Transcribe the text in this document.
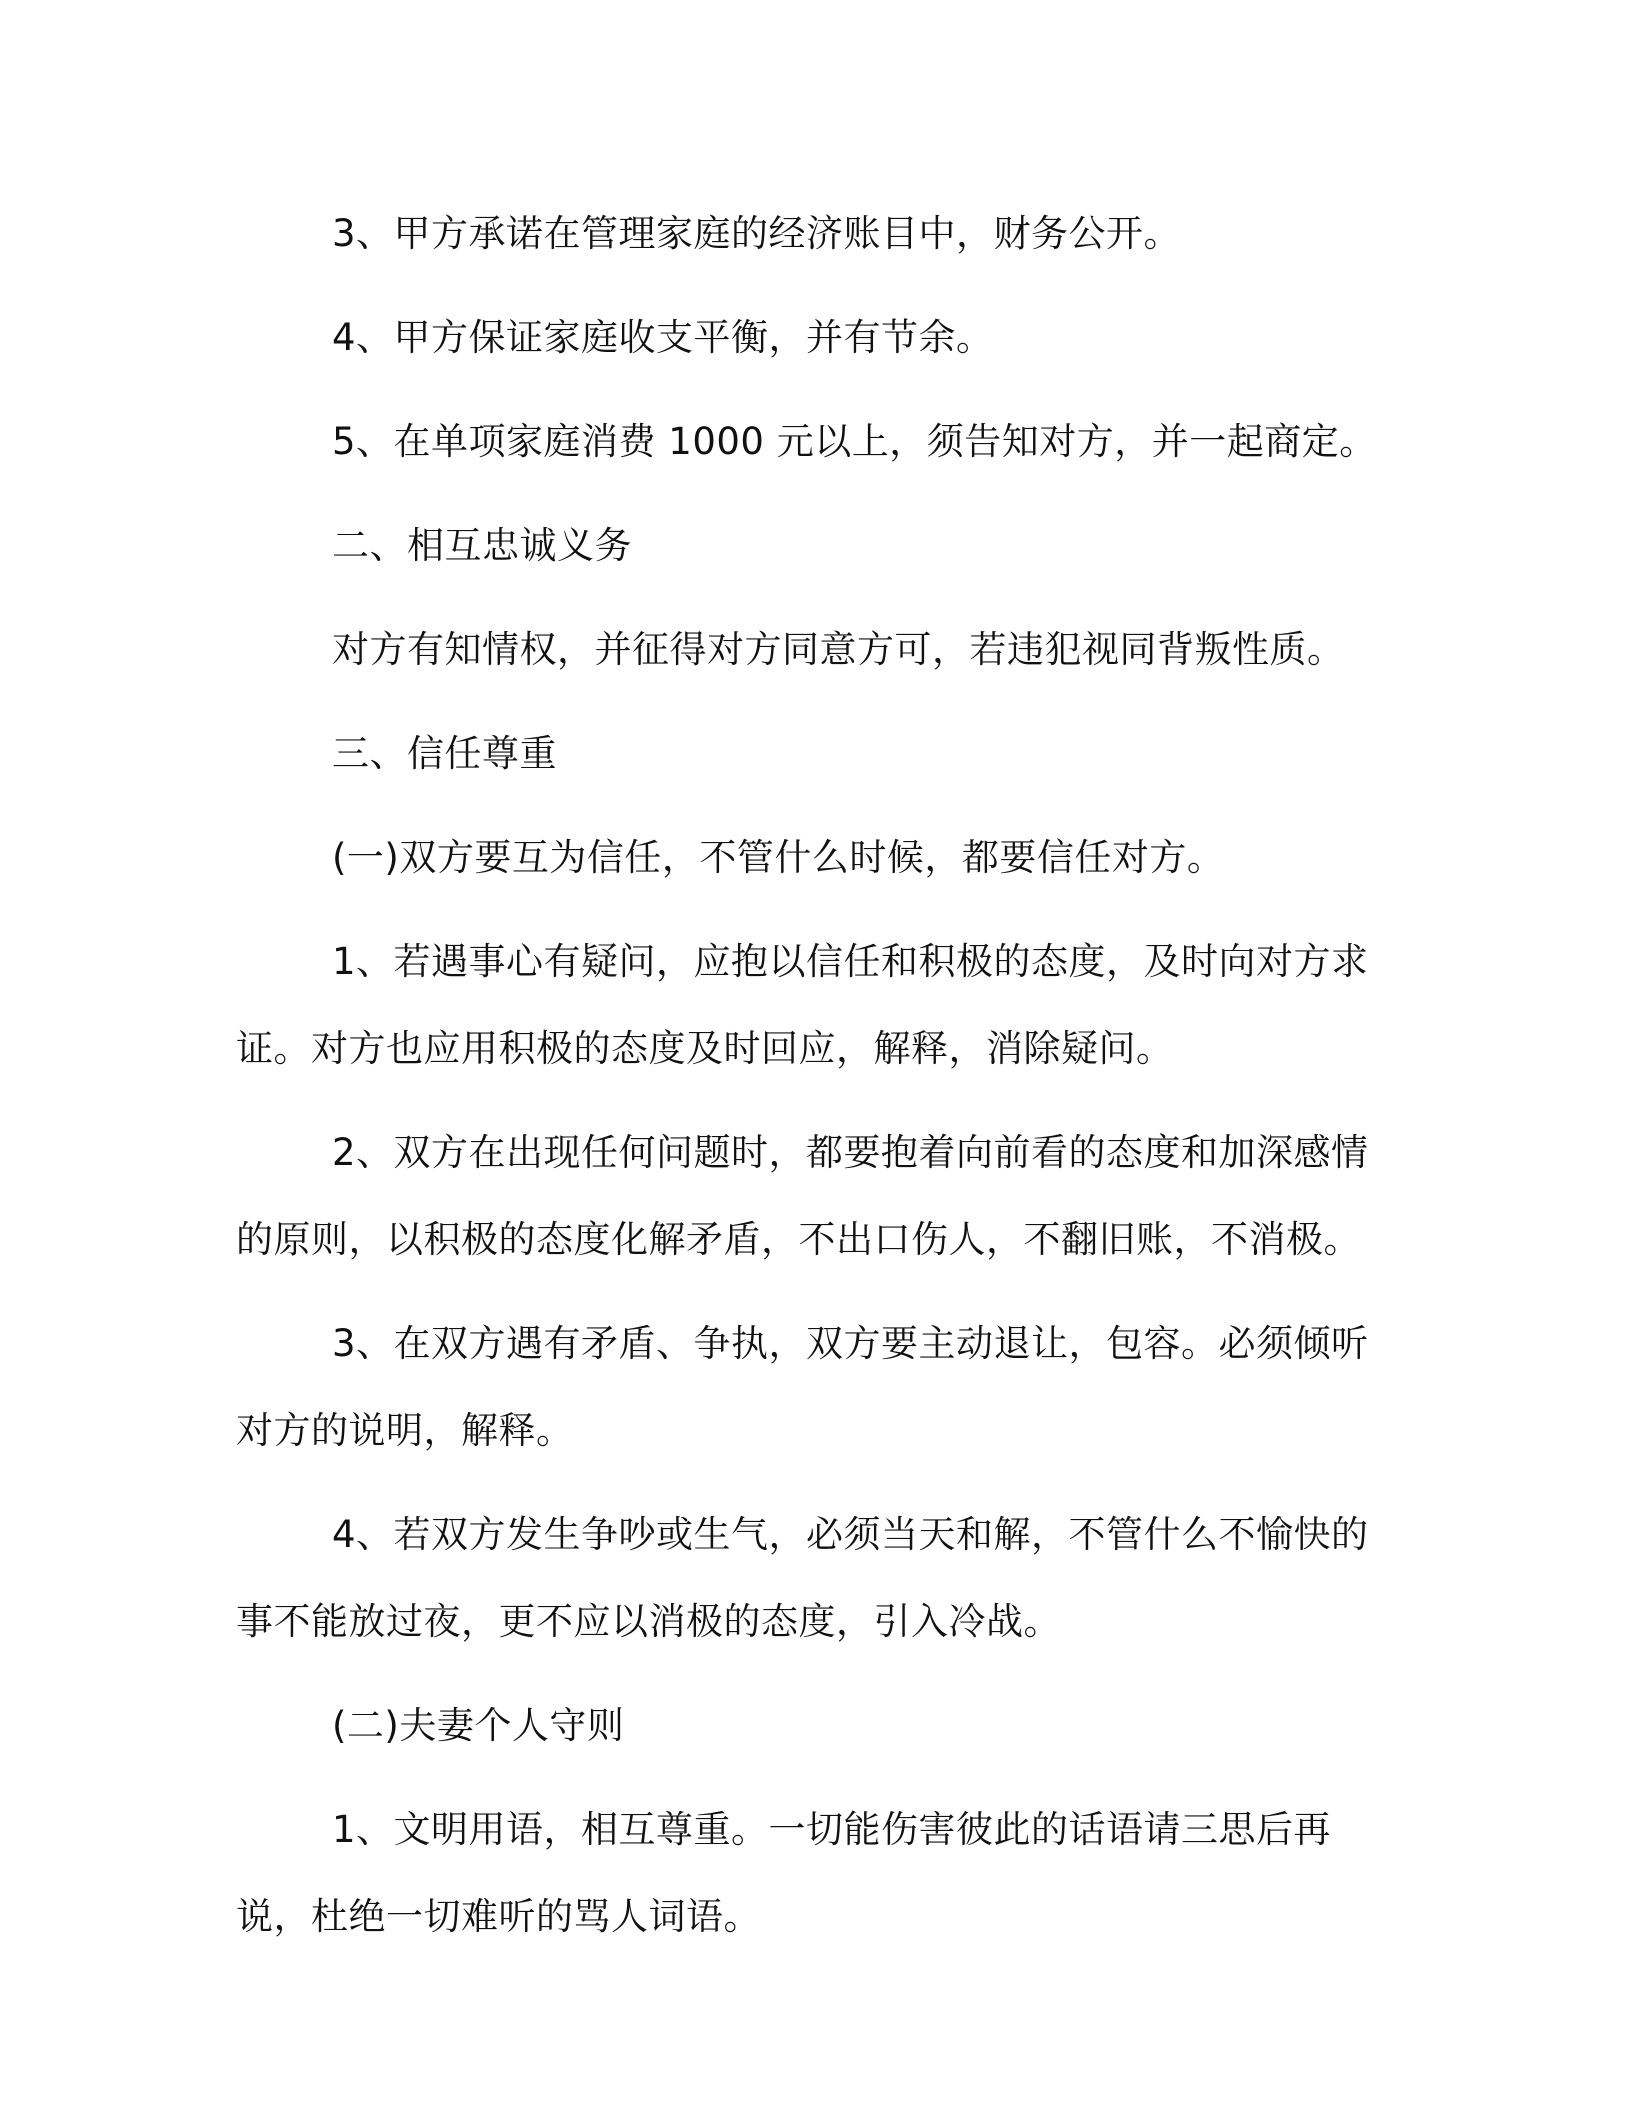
3、甲方承诺在管理家庭的经济账目中，财务公开。

4、甲方保证家庭收支平衡，并有节余。

5、在单项家庭消费 1000 元以上，须告知对方，并一起商定。

二、相互忠诚义务

对方有知情权，并征得对方同意方可，若违犯视同背叛性质。

三、信任尊重

(一)双方要互为信任，不管什么时候，都要信任对方。

1、若遇事心有疑问，应抱以信任和积极的态度，及时向对方求证。对方也应用积极的态度及时回应，解释，消除疑问。

2、双方在出现任何问题时，都要抱着向前看的态度和加深感情的原则，以积极的态度化解矛盾，不出口伤人，不翻旧账，不消极。

3、在双方遇有矛盾、争执，双方要主动退让，包容。必须倾听对方的说明，解释。

4、若双方发生争吵或生气，必须当天和解，不管什么不愉快的事不能放过夜，更不应以消极的态度，引入冷战。

(二)夫妻个人守则

1、文明用语，相互尊重。一切能伤害彼此的话语请三思后再说，杜绝一切难听的骂人词语。
